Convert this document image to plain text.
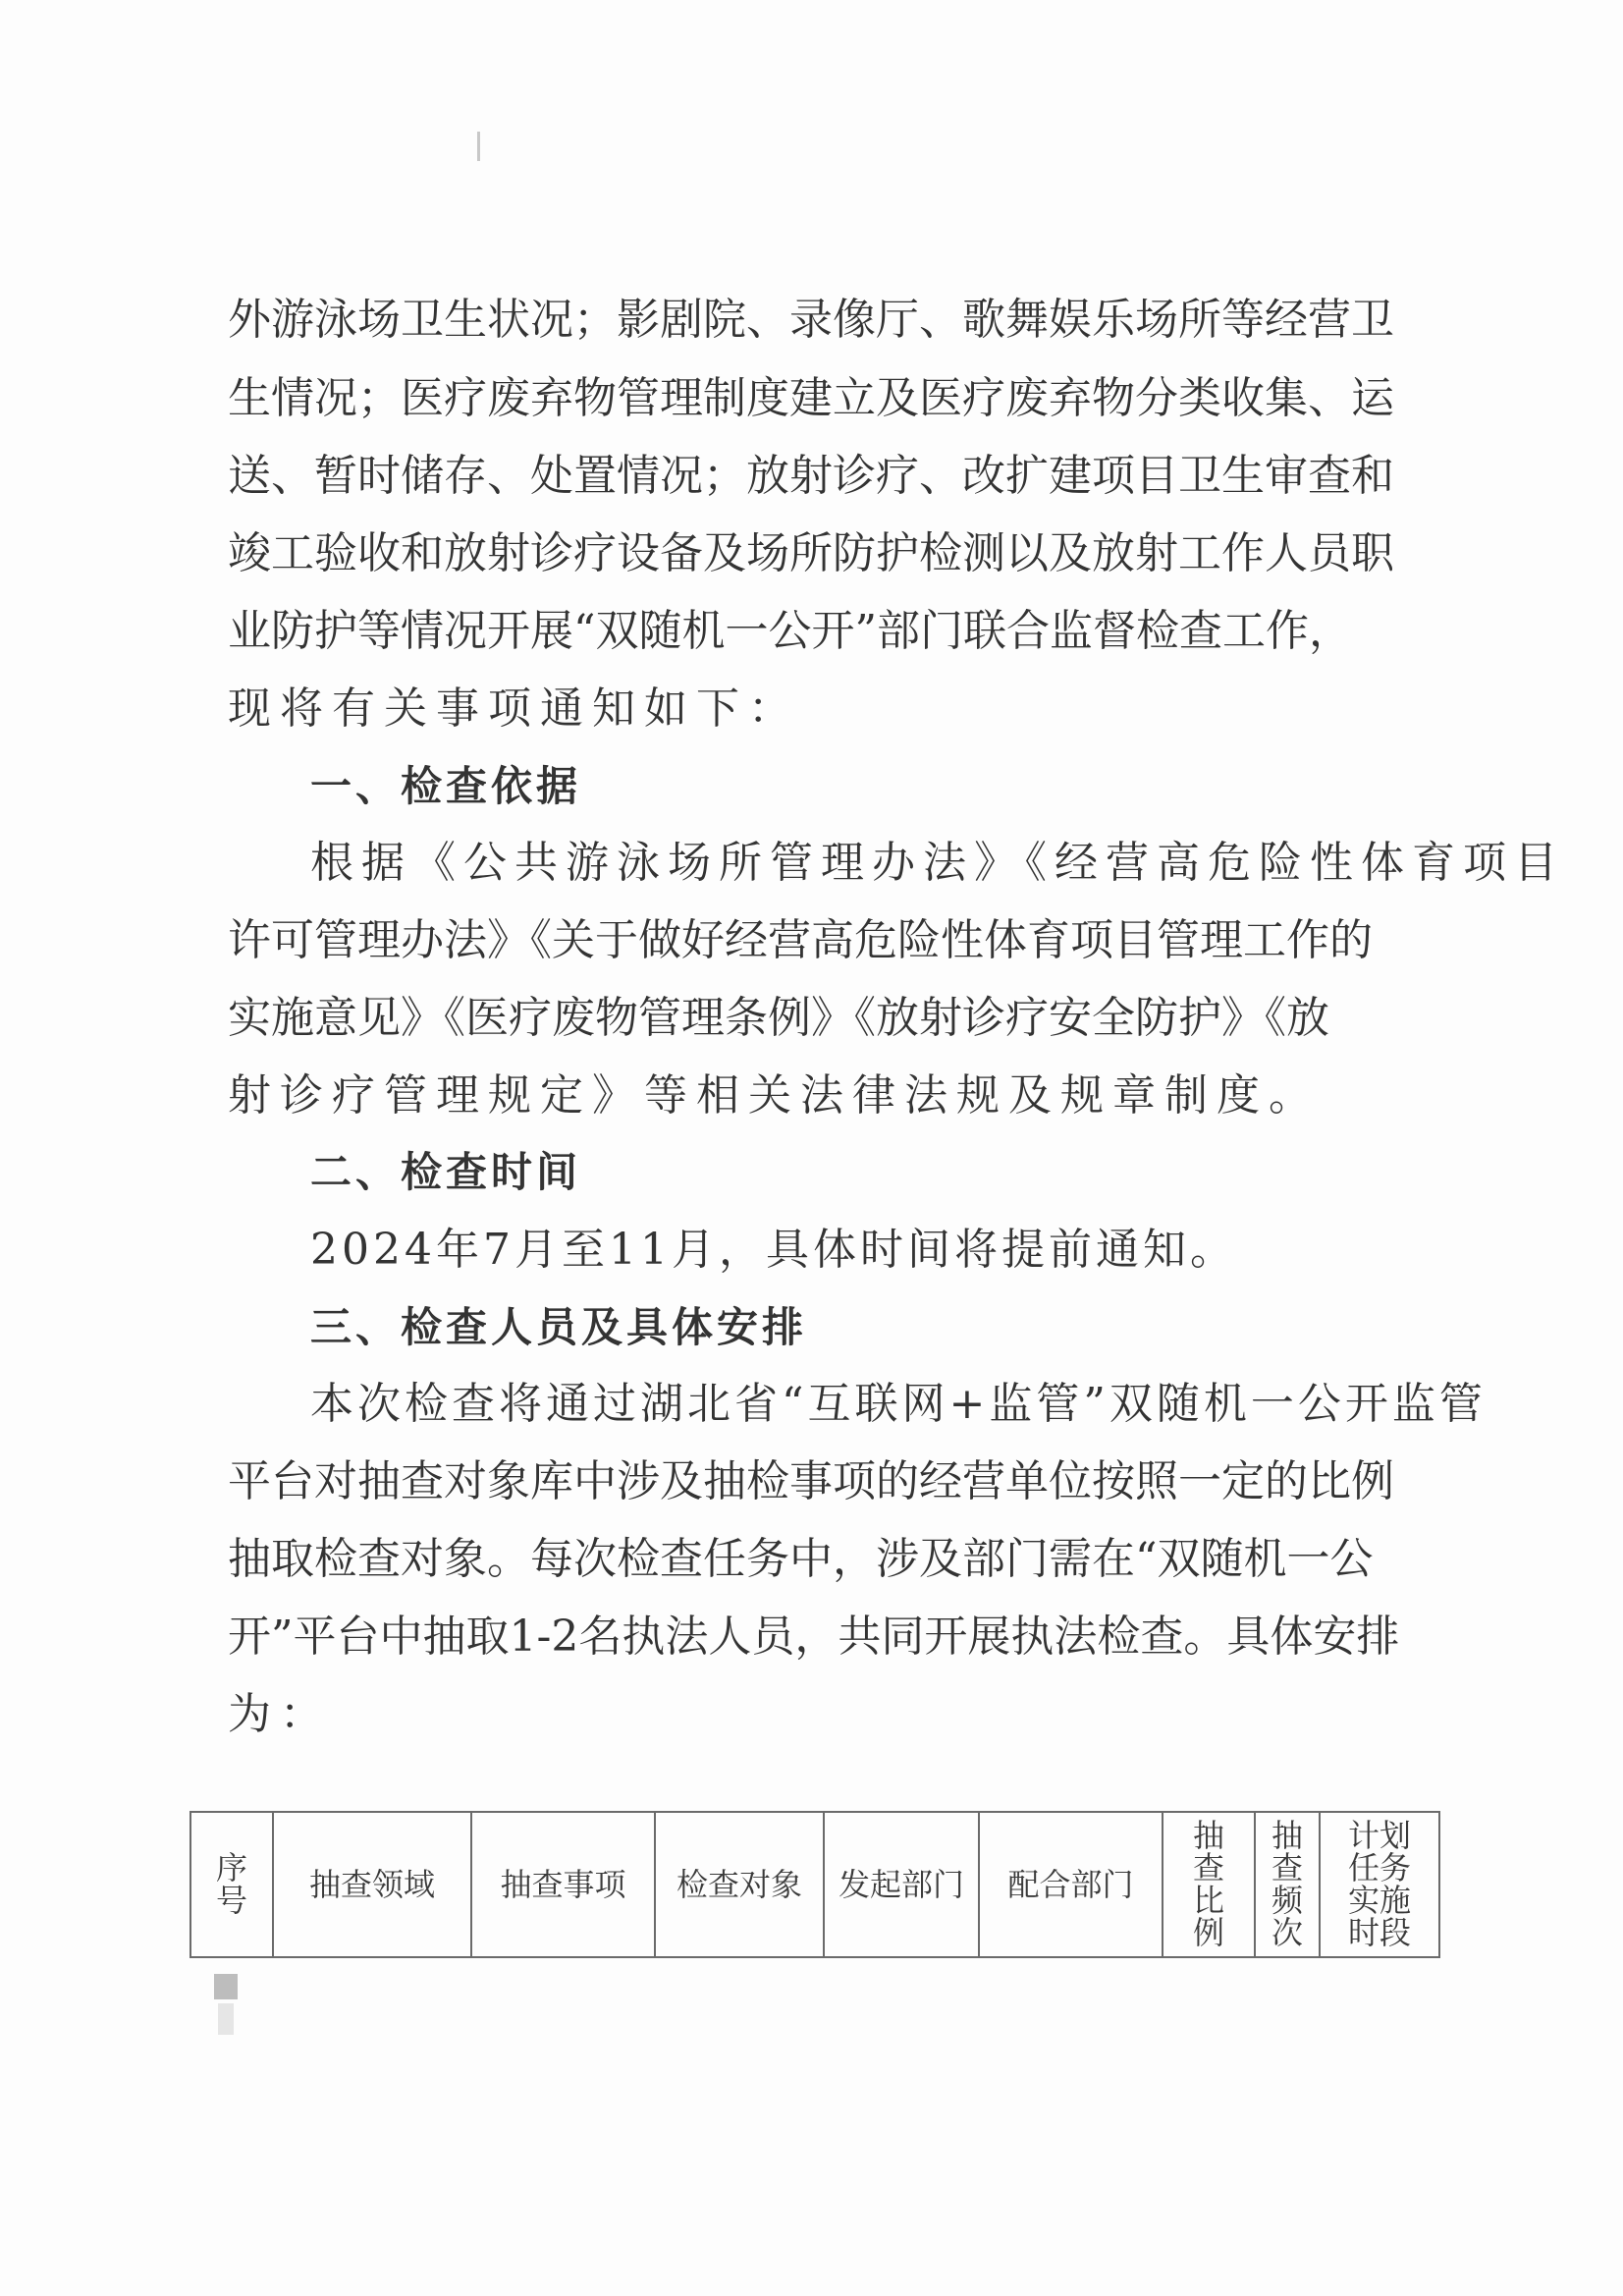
外游泳场卫生状况；影剧院、录像厅、歌舞娱乐场所等经营卫
生情况；医疗废弃物管理制度建立及医疗废弃物分类收集、运
送、暂时储存、处置情况；放射诊疗、改扩建项目卫生审查和
竣工验收和放射诊疗设备及场所防护检测以及放射工作人员职
业防护等情况开展“双随机一公开”部门联合监督检查工作，
现将有关事项通知如下：
一、检查依据
根据《公共游泳场所管理办法》《经营高危险性体育项目
许可管理办法》《关于做好经营高危险性体育项目管理工作的
实施意见》《医疗废物管理条例》《放射诊疗安全防护》《放
射诊疗管理规定》等相关法律法规及规章制度。
二、检查时间
2024年7月至11月，具体时间将提前通知。
三、检查人员及具体安排
本次检查将通过湖北省“互联网+监管”双随机一公开监管
平台对抽查对象库中涉及抽检事项的经营单位按照一定的比例
抽取检查对象。每次检查任务中，涉及部门需在“双随机一公
开”平台中抽取1-2名执法人员，共同开展执法检查。具体安排
为：
序号	抽查领域	抽查事项	检查对象	发起部门	配合部门	抽查比例	抽查频次	计划任务实施时段
